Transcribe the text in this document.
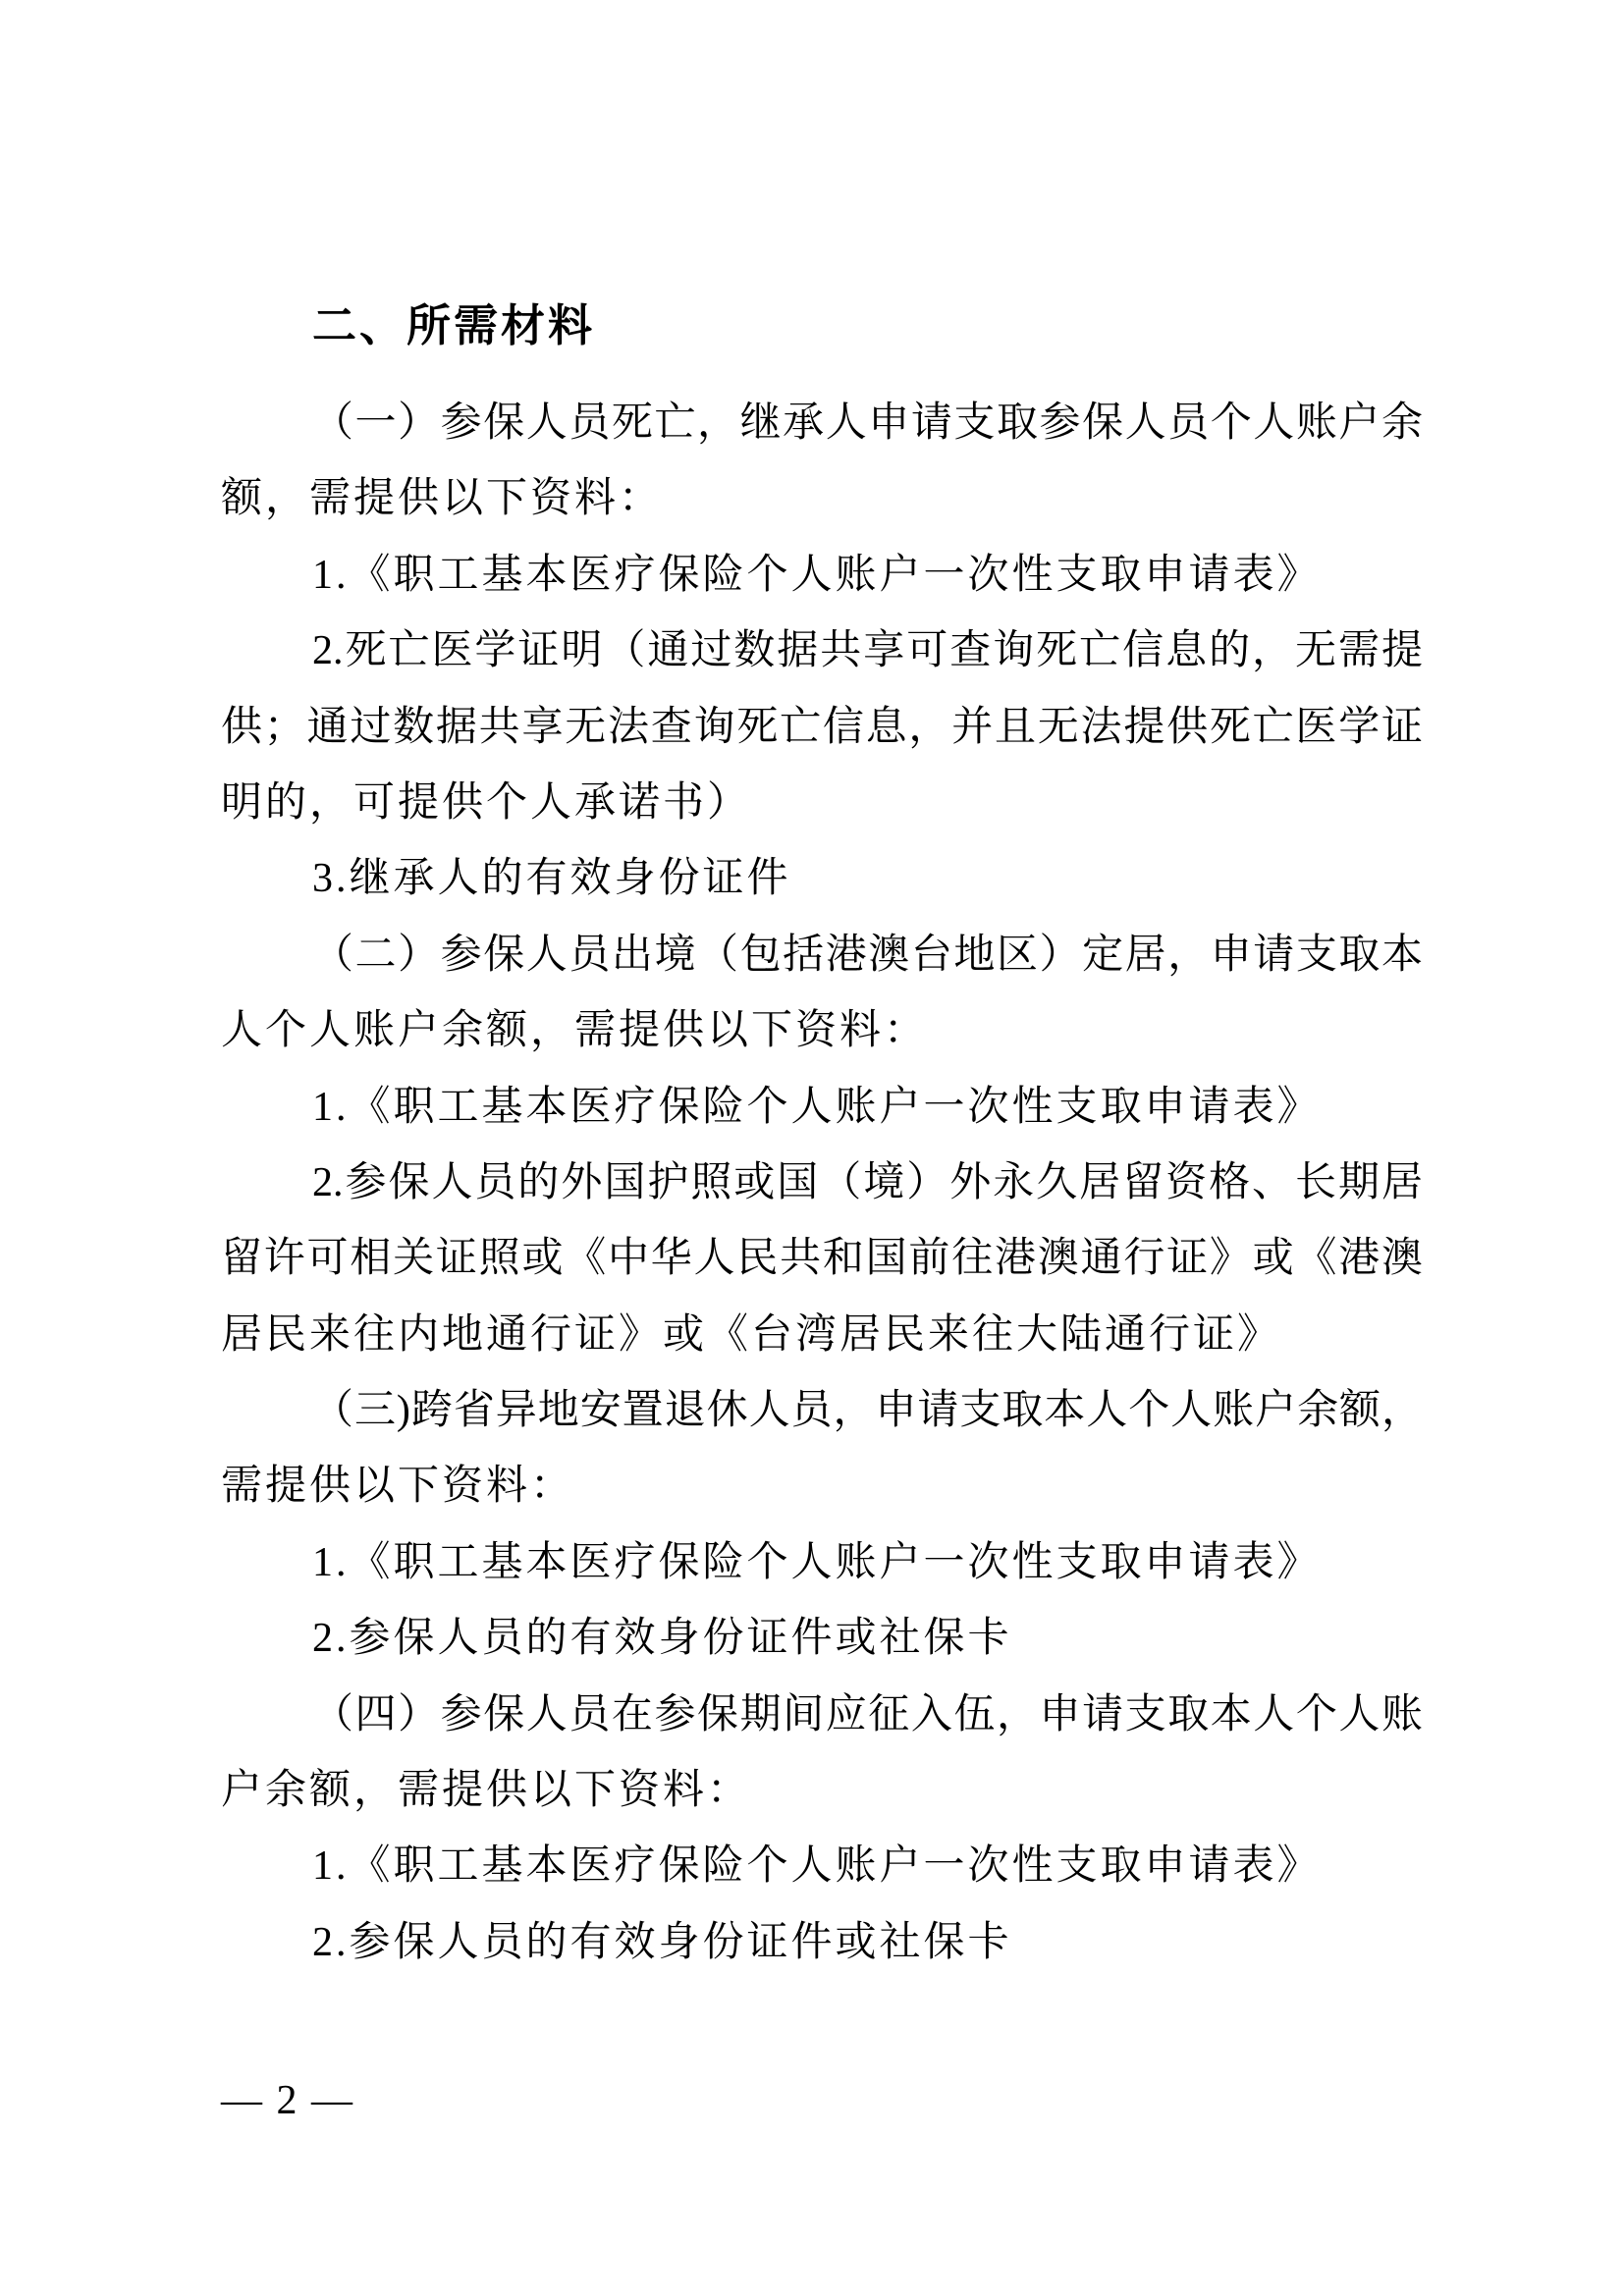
二、所需材料
（一）参保人员死亡，继承人申请支取参保人员个人账户余
额，需提供以下资料：
1.《职工基本医疗保险个人账户一次性支取申请表》
2.死亡医学证明（通过数据共享可查询死亡信息的，无需提
供；通过数据共享无法查询死亡信息，并且无法提供死亡医学证
明的，可提供个人承诺书）
3.继承人的有效身份证件
（二）参保人员出境（包括港澳台地区）定居，申请支取本
人个人账户余额，需提供以下资料：
1.《职工基本医疗保险个人账户一次性支取申请表》
2.参保人员的外国护照或国（境）外永久居留资格、长期居
留许可相关证照或《中华人民共和国前往港澳通行证》或《港澳
居民来往内地通行证》或《台湾居民来往大陆通行证》
（三)跨省异地安置退休人员，申请支取本人个人账户余额，
需提供以下资料：
1.《职工基本医疗保险个人账户一次性支取申请表》
2.参保人员的有效身份证件或社保卡
（四）参保人员在参保期间应征入伍，申请支取本人个人账
户余额，需提供以下资料：
1.《职工基本医疗保险个人账户一次性支取申请表》
2.参保人员的有效身份证件或社保卡
— 2 —
